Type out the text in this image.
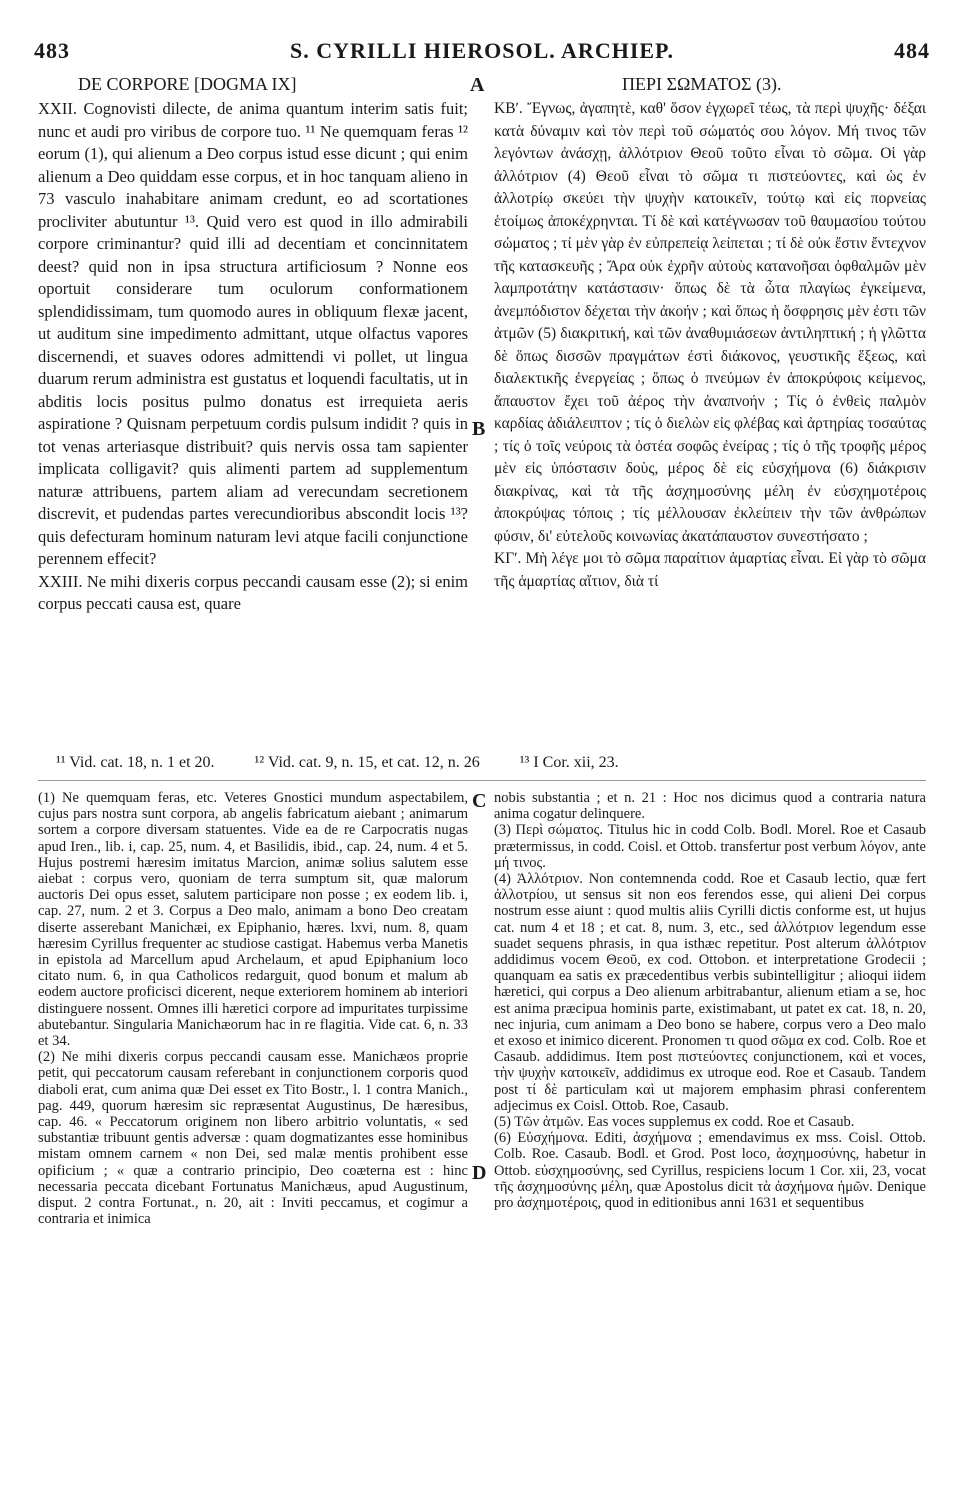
483	S. CYRILLI HIEROSOL. ARCHIEP.	484
DE CORPORE [DOGMA IX]	ΠΕΡΙ ΣΩΜΑΤΟΣ (3).
A
B
C
D

XXII. Cognovisti dilecte, de anima quantum interim satis fuit; nunc et audi pro viribus de corpore tuo. ¹¹ Ne quemquam feras ¹² eorum (1), qui alienum a Deo corpus istud esse dicunt ; qui enim alienum a Deo quiddam esse corpus, et in hoc tanquam alieno in 73 vasculo inahabitare animam credunt, eo ad scortationes procliviter abutuntur ¹³. Quid vero est quod in illo admirabili corpore criminantur? quid illi ad decentiam et concinnitatem deest? quid non in ipsa structura artificiosum ? Nonne eos oportuit considerare tum oculorum conformationem splendidissimam, tum quomodo aures in obliquum flexæ jacent, ut auditum sine impedimento admittant, utque olfactus vapores discernendi, et suaves odores admittendi vi pollet, ut lingua duarum rerum administra est gustatus et loquendi facultatis, ut in abditis locis positus pulmo donatus est irrequieta aeris aspiratione ? Quisnam perpetuum cordis pulsum indidit ? quis in tot venas arteriasque distribuit? quis nervis ossa tam sapienter implicata colligavit? quis alimenti partem ad supplementum naturæ attribuens, partem aliam ad verecundam secretionem discrevit, et pudendas partes verecundioribus abscondit locis ¹³? quis defecturam hominum naturam levi atque facili conjunctione perennem effecit?

XXIII. Ne mihi dixeris corpus peccandi causam esse (2); si enim corpus peccati causa est, quare

ΚΒʹ. Ἔγνως, ἀγαπητὲ, καθ' ὅσον ἐγχωρεῖ τέως, τὰ περὶ ψυχῆς· δέξαι κατὰ δύναμιν καὶ τὸν περὶ τοῦ σώματός σου λόγον. Μή τινος τῶν λεγόντων ἀνάσχῃ, ἀλλότριον Θεοῦ τοῦτο εἶναι τὸ σῶμα. Οἱ γὰρ ἀλλότριον (4) Θεοῦ εἶναι τὸ σῶμα τι πιστεύοντες, καὶ ὡς ἐν ἀλλοτρίῳ σκεύει τὴν ψυχὴν κατοικεῖν, τούτῳ καὶ εἰς πορνείας ἑτοίμως ἀποκέχρηνται. Τί δὲ καὶ κατέγνωσαν τοῦ θαυμασίου τούτου σώματος ; τί μὲν γὰρ ἐν εὐπρεπείᾳ λείπεται ; τί δὲ οὐκ ἔστιν ἔντεχνον τῆς κατασκευῆς ; Ἄρα οὐκ ἐχρῆν αὐτοὺς κατανοῆσαι ὀφθαλμῶν μὲν λαμπροτάτην κατάστασιν· ὅπως δὲ τὰ ὦτα πλαγίως ἐγκείμενα, ἀνεμπόδιστον δέχεται τὴν ἀκοήν ; καὶ ὅπως ἡ ὄσφρησις μὲν ἐστι τῶν ἀτμῶν (5) διακριτική, καὶ τῶν ἀναθυμιάσεων ἀντιληπτική ; ἡ γλῶττα δὲ ὅπως δισσῶν πραγμάτων ἐστὶ διάκονος, γευστικῆς ἕξεως, καὶ διαλεκτικῆς ἐνεργείας ; ὅπως ὁ πνεύμων ἐν ἀποκρύφοις κείμενος, ἄπαυστον ἔχει τοῦ ἀέρος τὴν ἀναπνοήν ; Τίς ὁ ἐνθεὶς παλμὸν καρδίας ἀδιάλειπτον ; τίς ὁ διελὼν εἰς φλέβας καὶ ἀρτηρίας τοσαύτας ; τίς ὁ τοῖς νεύροις τὰ ὀστέα σοφῶς ἐνείρας ; τίς ὁ τῆς τροφῆς μέρος μὲν εἰς ὑπόστασιν δοὺς, μέρος δὲ εἰς εὐσχήμονα (6) διάκρισιν διακρίνας, καὶ τὰ τῆς ἀσχημοσύνης μέλη ἐν εὐσχημοτέροις ἀποκρύψας τόποις ; τίς μέλλουσαν ἐκλείπειν τὴν τῶν ἀνθρώπων φύσιν, δι' εὐτελοῦς κοινωνίας ἀκατάπαυστον συνεστήσατο ;

ΚΓʹ. Μὴ λέγε μοι τὸ σῶμα παραίτιον ἁμαρτίας εἶναι. Εἰ γὰρ τὸ σῶμα τῆς ἁμαρτίας αἴτιον, διὰ τί

¹¹ Vid. cat. 18, n. 1 et 20.	¹² Vid. cat. 9, n. 15, et cat. 12, n. 26	¹³ I Cor. xii, 23.

(1) Ne quemquam feras, etc. Veteres Gnostici mundum aspectabilem, cujus pars nostra sunt corpora, ab angelis fabricatum aiebant ; animarum sortem a corpore diversam statuentes. Vide ea de re Carpocratis nugas apud Iren., lib. i, cap. 25, num. 4, et Basilidis, ibid., cap. 24, num. 4 et 5. Hujus postremi hæresim imitatus Marcion, animæ solius salutem esse aiebat : corpus vero, quoniam de terra sumptum sit, quæ malorum auctoris Dei opus esset, salutem participare non posse ; ex eodem lib. i, cap. 27, num. 2 et 3. Corpus a Deo malo, animam a bono Deo creatam diserte asserebant Manichæi, ex Epiphanio, hæres. lxvi, num. 8, quam hæresim Cyrillus frequenter ac studiose castigat. Habemus verba Manetis in epistola ad Marcellum apud Archelaum, et apud Epiphanium loco citato num. 6, in qua Catholicos redarguit, quod bonum et malum ab eodem auctore proficisci dicerent, neque exteriorem hominem ab interiori distinguere nossent. Omnes illi hæretici corpore ad impuritates turpissime abutebantur. Singularia Manichæorum hac in re flagitia. Vide cat. 6, n. 33 et 34.

(2) Ne mihi dixeris corpus peccandi causam esse. Manichæos proprie petit, qui peccatorum causam referebant in conjunctionem corporis quod diaboli erat, cum anima quæ Dei esset ex Tito Bostr., l. 1 contra Manich., pag. 449, quorum hæresim sic repræsentat Augustinus, De hæresibus, cap. 46. « Peccatorum originem non libero arbitrio voluntatis, « sed substantiæ tribuunt gentis adversæ : quam dogmatizantes esse hominibus mistam omnem carnem « non Dei, sed malæ mentis prohibent esse opificium ; « quæ a contrario principio, Deo coæterna est : hinc necessaria peccata dicebant Fortunatus Manichæus, apud Augustinum, disput. 2 contra Fortunat., n. 20, ait : Inviti peccamus, et cogimur a contraria et inimica

nobis substantia ; et n. 21 : Hoc nos dicimus quod a contraria natura anima cogatur delinquere.

(3) Περὶ σώματος. Titulus hic in codd Colb. Bodl. Morel. Roe et Casaub prætermissus, in codd. Coisl. et Ottob. transfertur post verbum λόγον, ante μή τινος.

(4) Ἀλλότριον. Non contemnenda codd. Roe et Casaub lectio, quæ fert ἀλλοτρίου, ut sensus sit non eos ferendos esse, qui alieni Dei corpus nostrum esse aiunt : quod multis aliis Cyrilli dictis conforme est, ut hujus cat. num 4 et 18 ; et cat. 8, num. 3, etc., sed ἀλλότριον legendum esse suadet sequens phrasis, in qua isthæc repetitur. Post alterum ἀλλότριον addidimus vocem Θεοῦ, ex cod. Ottobon. et interpretatione Grodecii ; quanquam ea satis ex præcedentibus verbis subintelligitur ; alioqui iidem hæretici, qui corpus a Deo alienum arbitrabantur, alienum etiam a se, hoc est anima præcipua hominis parte, existimabant, ut patet ex cat. 18, n. 20, nec injuria, cum animam a Deo bono se habere, corpus vero a Deo malo et exoso et inimico dicerent. Pronomen τι quod σῶμα ex cod. Colb. Roe et Casaub. addidimus. Item post πιστεύοντες conjunctionem, καὶ et voces, τὴν ψυχὴν κατοικεῖν, addidimus ex utroque eod. Roe et Casaub. Tandem post τί δὲ particulam καὶ ut majorem emphasim phrasi conferentem adjecimus ex Coisl. Ottob. Roe, Casaub.

(5) Τῶν ἀτμῶν. Eas voces supplemus ex codd. Roe et Casaub.

(6) Εὐσχήμονα. Editi, ἀσχήμονα ; emendavimus ex mss. Coisl. Ottob. Colb. Roe. Casaub. Bodl. et Grod. Post loco, ἀσχημοσύνης, habetur in Ottob. εὐσχημοσύνης, sed Cyrillus, respiciens locum 1 Cor. xii, 23, vocat τῆς ἀσχημοσύνης μέλη, quæ Apostolus dicit τὰ ἀσχήμονα ἡμῶν. Denique pro ἀσχημοτέροις, quod in editionibus anni 1631 et sequentibus
